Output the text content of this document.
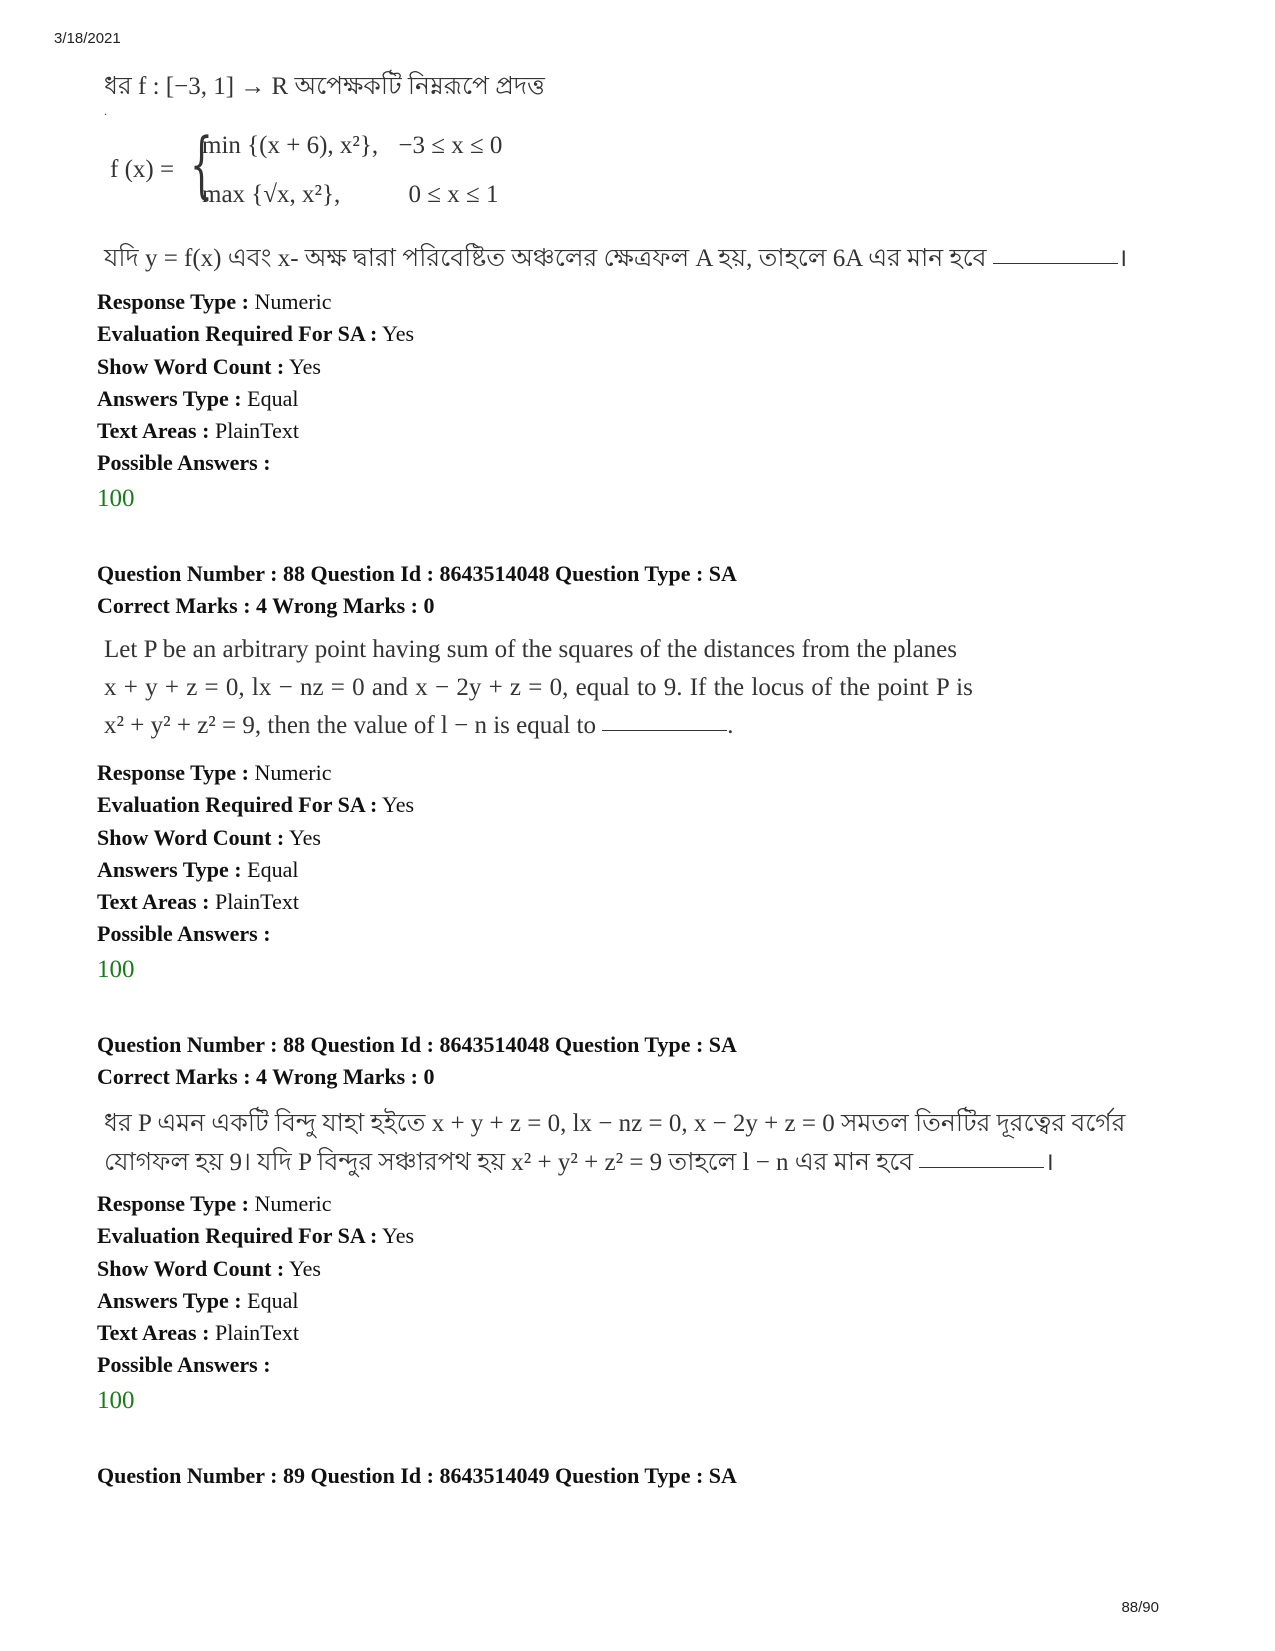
3/18/2021
ধর f : [−3, 1] → R অপেক্ষকটি নিম্নরূপে প্রদত্ত
.
f (x) = {
min {(x + 6), x²}, −3 ≤ x ≤ 0
max {√x, x²},	0 ≤ x ≤ 1
যদি y = f(x) এবং x- অক্ষ দ্বারা পরিবেষ্টিত অঞ্চলের ক্ষেত্রফল A হয়, তাহলে 6A এর মান হবে	।
Response Type : Numeric
Evaluation Required For SA : Yes
Show Word Count : Yes
Answers Type : Equal
Text Areas : PlainText
Possible Answers :
100
Question Number : 88 Question Id : 8643514048 Question Type : SA
Correct Marks : 4 Wrong Marks : 0
Let P be an arbitrary point having sum of the squares of the distances from the planes
x + y + z = 0, lx − nz = 0 and x − 2y + z = 0, equal to 9. If the locus of the point P is
x² + y² + z² = 9, then the value of l − n is equal to	.
Response Type : Numeric
Evaluation Required For SA : Yes
Show Word Count : Yes
Answers Type : Equal
Text Areas : PlainText
Possible Answers :
100
Question Number : 88 Question Id : 8643514048 Question Type : SA
Correct Marks : 4 Wrong Marks : 0
ধর P এমন একটি বিন্দু যাহা হইতে x + y + z = 0, lx − nz = 0, x − 2y + z = 0 সমতল তিনটির দূরত্বের বর্গের
যোগফল হয় 9। যদি P বিন্দুর সঞ্চারপথ হয় x² + y² + z² = 9 তাহলে l − n এর মান হবে	।
Response Type : Numeric
Evaluation Required For SA : Yes
Show Word Count : Yes
Answers Type : Equal
Text Areas : PlainText
Possible Answers :
100
Question Number : 89 Question Id : 8643514049 Question Type : SA
88/90
